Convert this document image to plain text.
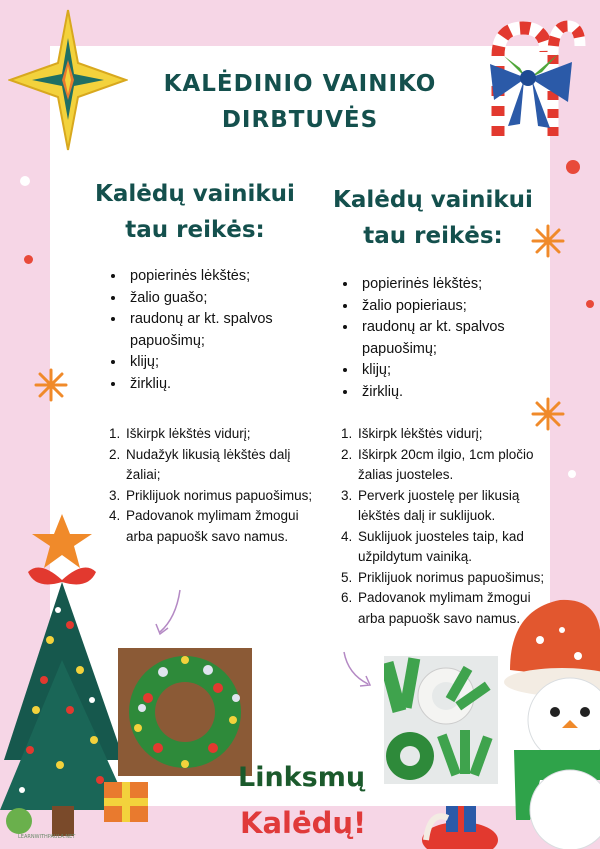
KALĖDINIO VAINIKO
DIRBTUVĖS
Kalėdų vainikui
tau reikės:
• popierinės lėkštės;
• žalio guašo;
• raudonų ar kt. spalvos papuošimų;
• klijų;
• žirklių.
1. Iškirpk lėkštės vidurį;
2. Nudažyk likusią lėkštės dalį žaliai;
3. Priklijuok norimus papuošimus;
4. Padovanok mylimam žmogui arba papuošk savo namus.
Kalėdų vainikui
tau reikės:
• popierinės lėkštės;
• žalio popieriaus;
• raudonų ar kt. spalvos papuošimų;
• klijų;
• žirklių.
1. Iškirpk lėkštės vidurį;
2. Iškirpk 20cm ilgio, 1cm pločio žalias juosteles.
3. Perverk juostelę per likusią lėkštės dalį ir suklijuok.
4. Suklijuok juosteles taip, kad užpildytum vainiką.
5. Priklijuok norimus papuošimus;
6. Padovanok mylimam žmogui arba papuošk savo namus.
Linksmų
Kalėdų!
LEARNWITHPAULA.NET
